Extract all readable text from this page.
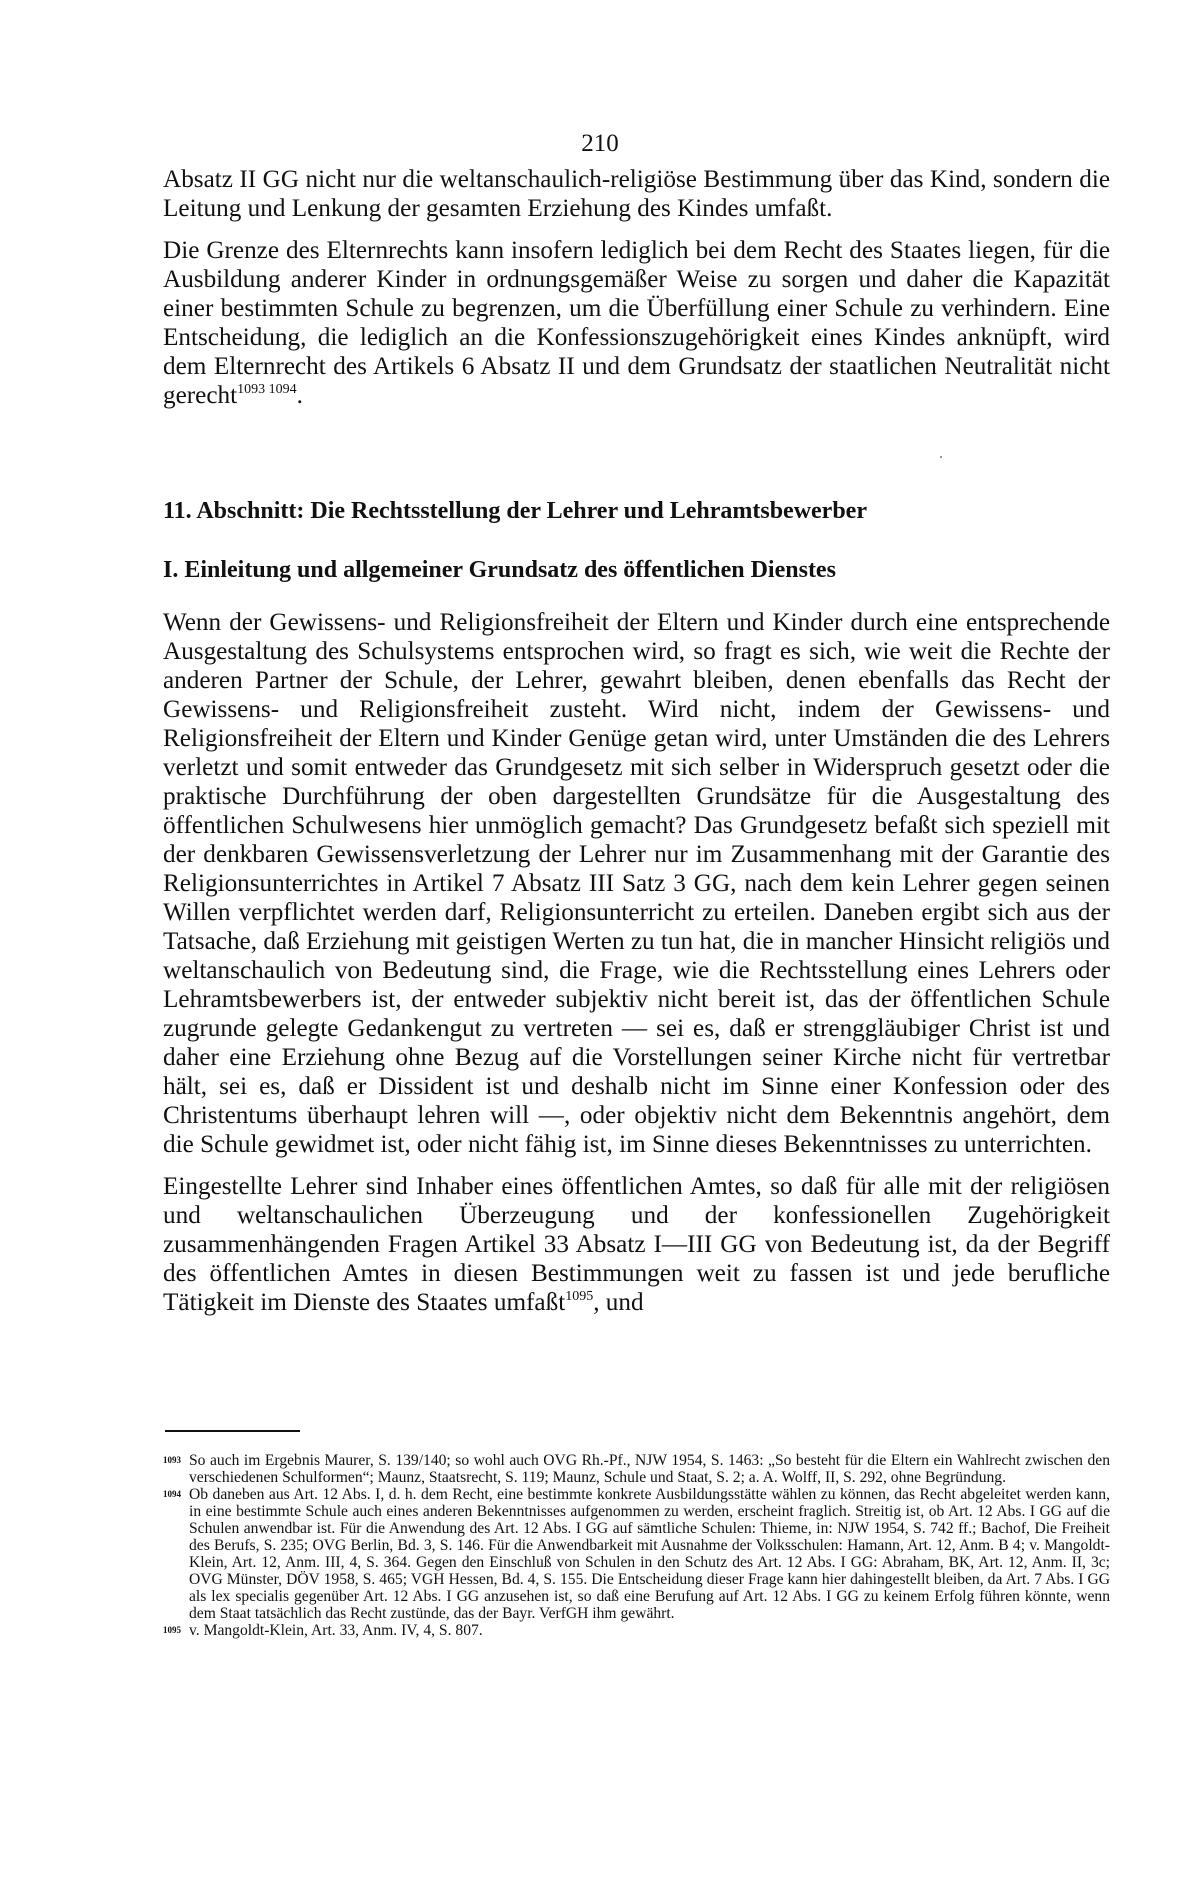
210

Absatz II GG nicht nur die weltanschaulich-religiöse Bestimmung über das Kind, sondern die Leitung und Lenkung der gesamten Erziehung des Kindes umfaßt.

Die Grenze des Elternrechts kann insofern lediglich bei dem Recht des Staates liegen, für die Ausbildung anderer Kinder in ordnungsgemäßer Weise zu sorgen und daher die Kapazität einer bestimmten Schule zu begrenzen, um die Überfüllung einer Schule zu verhindern. Eine Entscheidung, die lediglich an die Konfessionszugehörigkeit eines Kindes anknüpft, wird dem Elternrecht des Artikels 6 Absatz II und dem Grundsatz der staatlichen Neutralität nicht gerecht$^{1093 1094}$.

11. Abschnitt: Die Rechtsstellung der Lehrer und Lehramtsbewerber
I. Einleitung und allgemeiner Grundsatz des öffentlichen Dienstes

Wenn der Gewissens- und Religionsfreiheit der Eltern und Kinder durch eine entsprechende Ausgestaltung des Schulsystems entsprochen wird, so fragt es sich, wie weit die Rechte der anderen Partner der Schule, der Lehrer, gewahrt bleiben, denen ebenfalls das Recht der Gewissens- und Religionsfreiheit zusteht. Wird nicht, indem der Gewissens- und Religionsfreiheit der Eltern und Kinder Genüge getan wird, unter Umständen die des Lehrers verletzt und somit entweder das Grundgesetz mit sich selber in Widerspruch gesetzt oder die praktische Durchführung der oben dargestellten Grundsätze für die Ausgestaltung des öffentlichen Schulwesens hier unmöglich gemacht? Das Grundgesetz befaßt sich speziell mit der denkbaren Gewissensverletzung der Lehrer nur im Zusammenhang mit der Garantie des Religionsunterrichtes in Artikel 7 Absatz III Satz 3 GG, nach dem kein Lehrer gegen seinen Willen verpflichtet werden darf, Religionsunterricht zu erteilen. Daneben ergibt sich aus der Tatsache, daß Erziehung mit geistigen Werten zu tun hat, die in mancher Hinsicht religiös und weltanschaulich von Bedeutung sind, die Frage, wie die Rechtsstellung eines Lehrers oder Lehramtsbewerbers ist, der entweder subjektiv nicht bereit ist, das der öffentlichen Schule zugrunde gelegte Gedankengut zu vertreten — sei es, daß er strenggläubiger Christ ist und daher eine Erziehung ohne Bezug auf die Vorstellungen seiner Kirche nicht für vertretbar hält, sei es, daß er Dissident ist und deshalb nicht im Sinne einer Konfession oder des Christentums überhaupt lehren will —, oder objektiv nicht dem Bekenntnis angehört, dem die Schule gewidmet ist, oder nicht fähig ist, im Sinne dieses Bekenntnisses zu unterrichten.

Eingestellte Lehrer sind Inhaber eines öffentlichen Amtes, so daß für alle mit der religiösen und weltanschaulichen Überzeugung und der konfessionellen Zugehörigkeit zusammenhängenden Fragen Artikel 33 Absatz I—III GG von Bedeutung ist, da der Begriff des öffentlichen Amtes in diesen Bestimmungen weit zu fassen ist und jede berufliche Tätigkeit im Dienste des Staates umfaßt$^{1095}$, und

1093 So auch im Ergebnis Maurer, S. 139/140; so wohl auch OVG Rh.-Pf., NJW 1954, S. 1463: „So besteht für die Eltern ein Wahlrecht zwischen den verschiedenen Schulformen“; Maunz, Staatsrecht, S. 119; Maunz, Schule und Staat, S. 2; a. A. Wolff, II, S. 292, ohne Begründung.
1094 Ob daneben aus Art. 12 Abs. I, d. h. dem Recht, eine bestimmte konkrete Ausbildungsstätte wählen zu können, das Recht abgeleitet werden kann, in eine bestimmte Schule auch eines anderen Bekenntnisses aufgenommen zu werden, erscheint fraglich. Streitig ist, ob Art. 12 Abs. I GG auf die Schulen anwendbar ist. Für die Anwendung des Art. 12 Abs. I GG auf sämtliche Schulen: Thieme, in: NJW 1954, S. 742 ff.; Bachof, Die Freiheit des Berufs, S. 235; OVG Berlin, Bd. 3, S. 146. Für die Anwendbarkeit mit Ausnahme der Volksschulen: Hamann, Art. 12, Anm. B 4; v. Mangoldt-Klein, Art. 12, Anm. III, 4, S. 364. Gegen den Einschluß von Schulen in den Schutz des Art. 12 Abs. I GG: Abraham, BK, Art. 12, Anm. II, 3c; OVG Münster, DÖV 1958, S. 465; VGH Hessen, Bd. 4, S. 155. Die Entscheidung dieser Frage kann hier dahingestellt bleiben, da Art. 7 Abs. I GG als lex specialis gegenüber Art. 12 Abs. I GG anzusehen ist, so daß eine Berufung auf Art. 12 Abs. I GG zu keinem Erfolg führen könnte, wenn dem Staat tatsächlich das Recht zustünde, das der Bayr. VerfGH ihm gewährt.
1095 v. Mangoldt-Klein, Art. 33, Anm. IV, 4, S. 807.
